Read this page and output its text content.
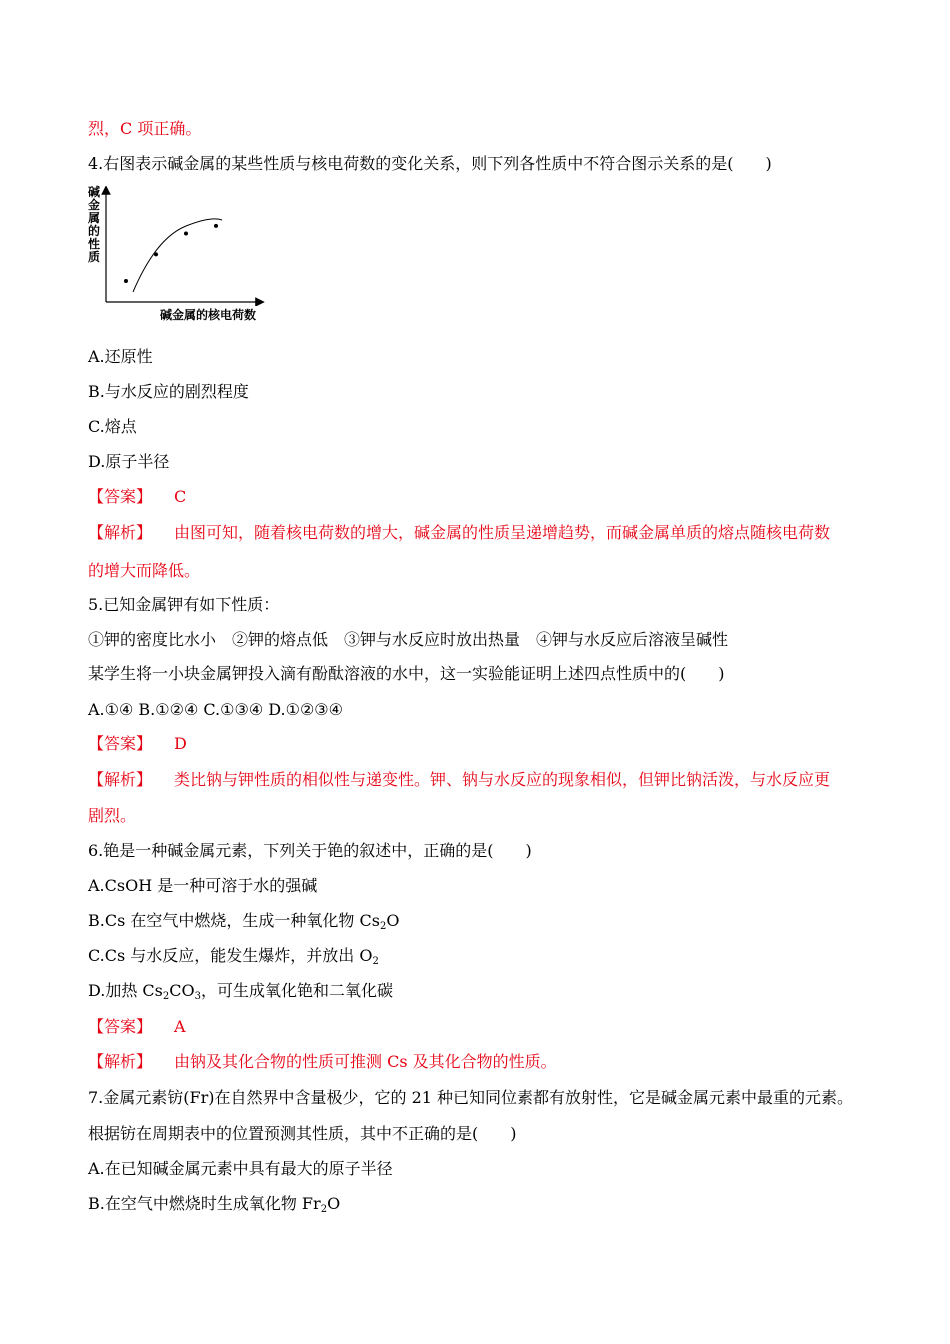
烈，C 项正确。
4.右图表示碱金属的某些性质与核电荷数的变化关系，则下列各性质中不符合图示关系的是(　　)
碱
金
属
的
性
质
碱金属的核电荷数
A.还原性
B.与水反应的剧烈程度
C.熔点
D.原子半径
【答案】 C
【解析】 由图可知，随着核电荷数的增大，碱金属的性质呈递增趋势，而碱金属单质的熔点随核电荷数
的增大而降低。
5.已知金属钾有如下性质：
①钾的密度比水小　②钾的熔点低　③钾与水反应时放出热量　④钾与水反应后溶液呈碱性
某学生将一小块金属钾投入滴有酚酞溶液的水中，这一实验能证明上述四点性质中的(　　)
A.①④ B.①②④ C.①③④ D.①②③④
【答案】 D
【解析】 类比钠与钾性质的相似性与递变性。钾、钠与水反应的现象相似，但钾比钠活泼，与水反应更
剧烈。
6.铯是一种碱金属元素，下列关于铯的叙述中，正确的是(　　)
A.CsOH 是一种可溶于水的强碱
B.Cs 在空气中燃烧，生成一种氧化物 $Cs_2O$
C.Cs 与水反应，能发生爆炸，并放出 $O_2$
D.加热 $Cs_2CO_3$，可生成氧化铯和二氧化碳
【答案】 A
【解析】 由钠及其化合物的性质可推测 Cs 及其化合物的性质。
7.金属元素钫(Fr)在自然界中含量极少，它的 21 种已知同位素都有放射性，它是碱金属元素中最重的元素。
根据钫在周期表中的位置预测其性质，其中不正确的是(　　)
A.在已知碱金属元素中具有最大的原子半径
B.在空气中燃烧时生成氧化物 $Fr_2O$
